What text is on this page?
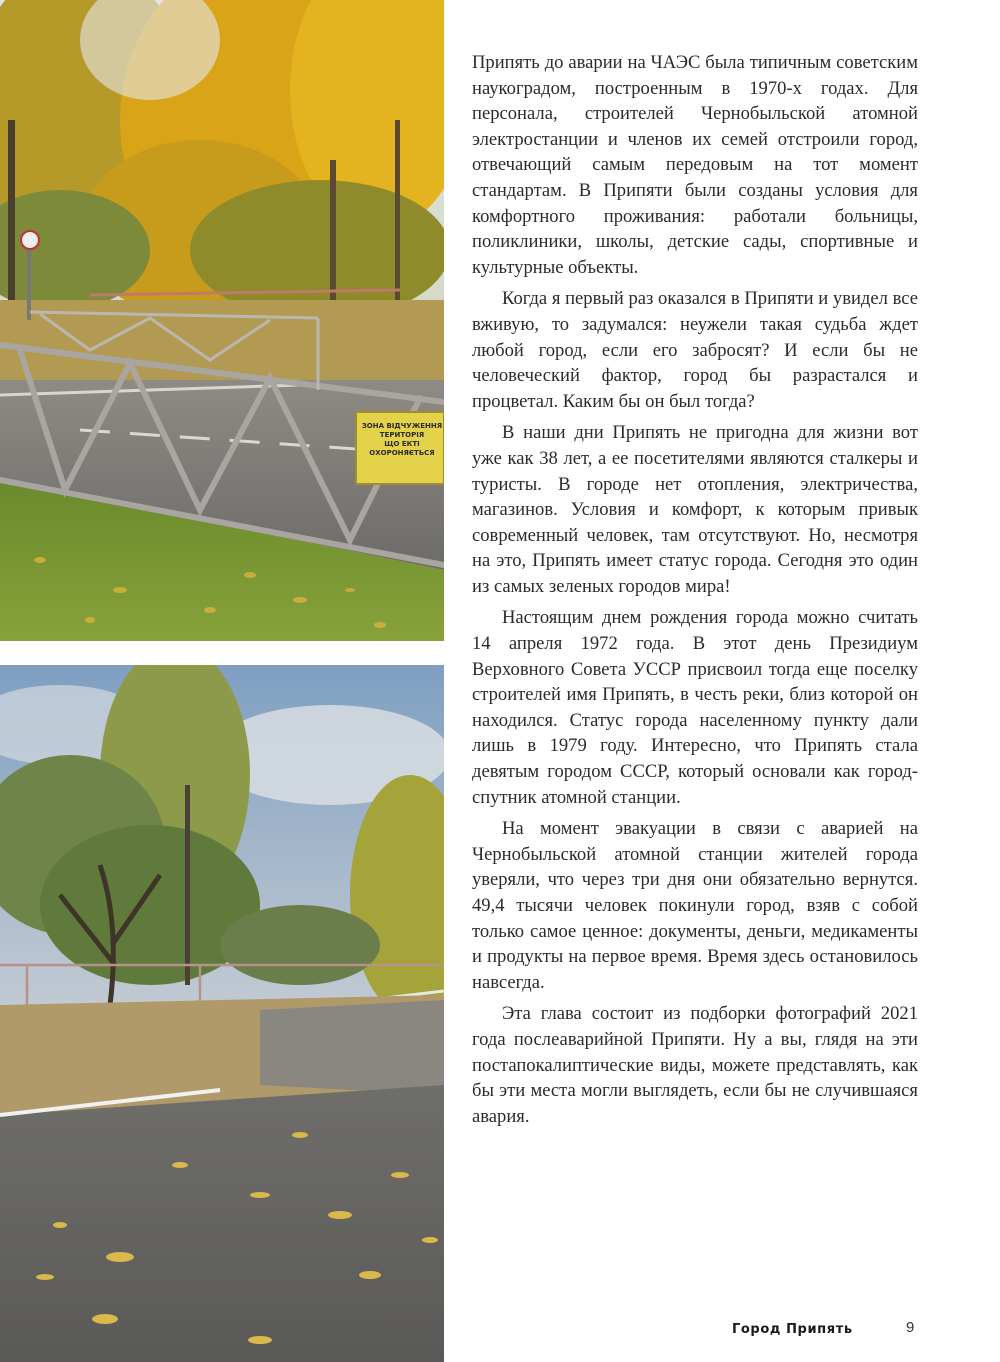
ЗОНА ВІДЧУЖЕННЯ
ТЕРИТОРІЯ
ЩО ЕКТІ
ОХОРОНЯЄТЬСЯ

Припять до аварии на ЧАЭС была типичным советским наукоградом, построенным в 1970-х годах. Для персонала, строителей Чернобыльской атомной электростанции и членов их семей отстроили город, отвечающий самым передовым на тот момент стандартам. В Припяти были созданы условия для комфортного проживания: работали больницы, поликлиники, школы, детские сады, спортивные и культурные объекты.

Когда я первый раз оказался в Припяти и увидел все вживую, то задумался: неужели такая судьба ждет любой город, если его забросят? И если бы не человеческий фактор, город бы разрастался и процветал. Каким бы он был тогда?

В наши дни Припять не пригодна для жизни вот уже как 38 лет, а ее посетителями являются сталкеры и туристы. В городе нет отопления, электричества, магазинов. Условия и комфорт, к которым привык современный человек, там отсутствуют. Но, несмотря на это, Припять имеет статус города. Сегодня это один из самых зеленых городов мира!

Настоящим днем рождения города можно считать 14 апреля 1972 года. В этот день Президиум Верховного Совета УССР присвоил тогда еще поселку строителей имя Припять, в честь реки, близ которой он находился. Статус города населенному пункту дали лишь в 1979 году. Интересно, что Припять стала девятым городом СССР, который основали как город-спутник атомной станции.

На момент эвакуации в связи с аварией на Чернобыльской атомной станции жителей города уверяли, что через три дня они обязательно вернутся. 49,4 тысячи человек покинули город, взяв с собой только самое ценное: документы, деньги, медикаменты и продукты на первое время. Время здесь остановилось навсегда.

Эта глава состоит из подборки фотографий 2021 года послеаварийной Припяти. Ну а вы, глядя на эти постапокалиптические виды, можете представлять, как бы эти места могли выглядеть, если бы не случившаяся авария.

Город Припять	9
